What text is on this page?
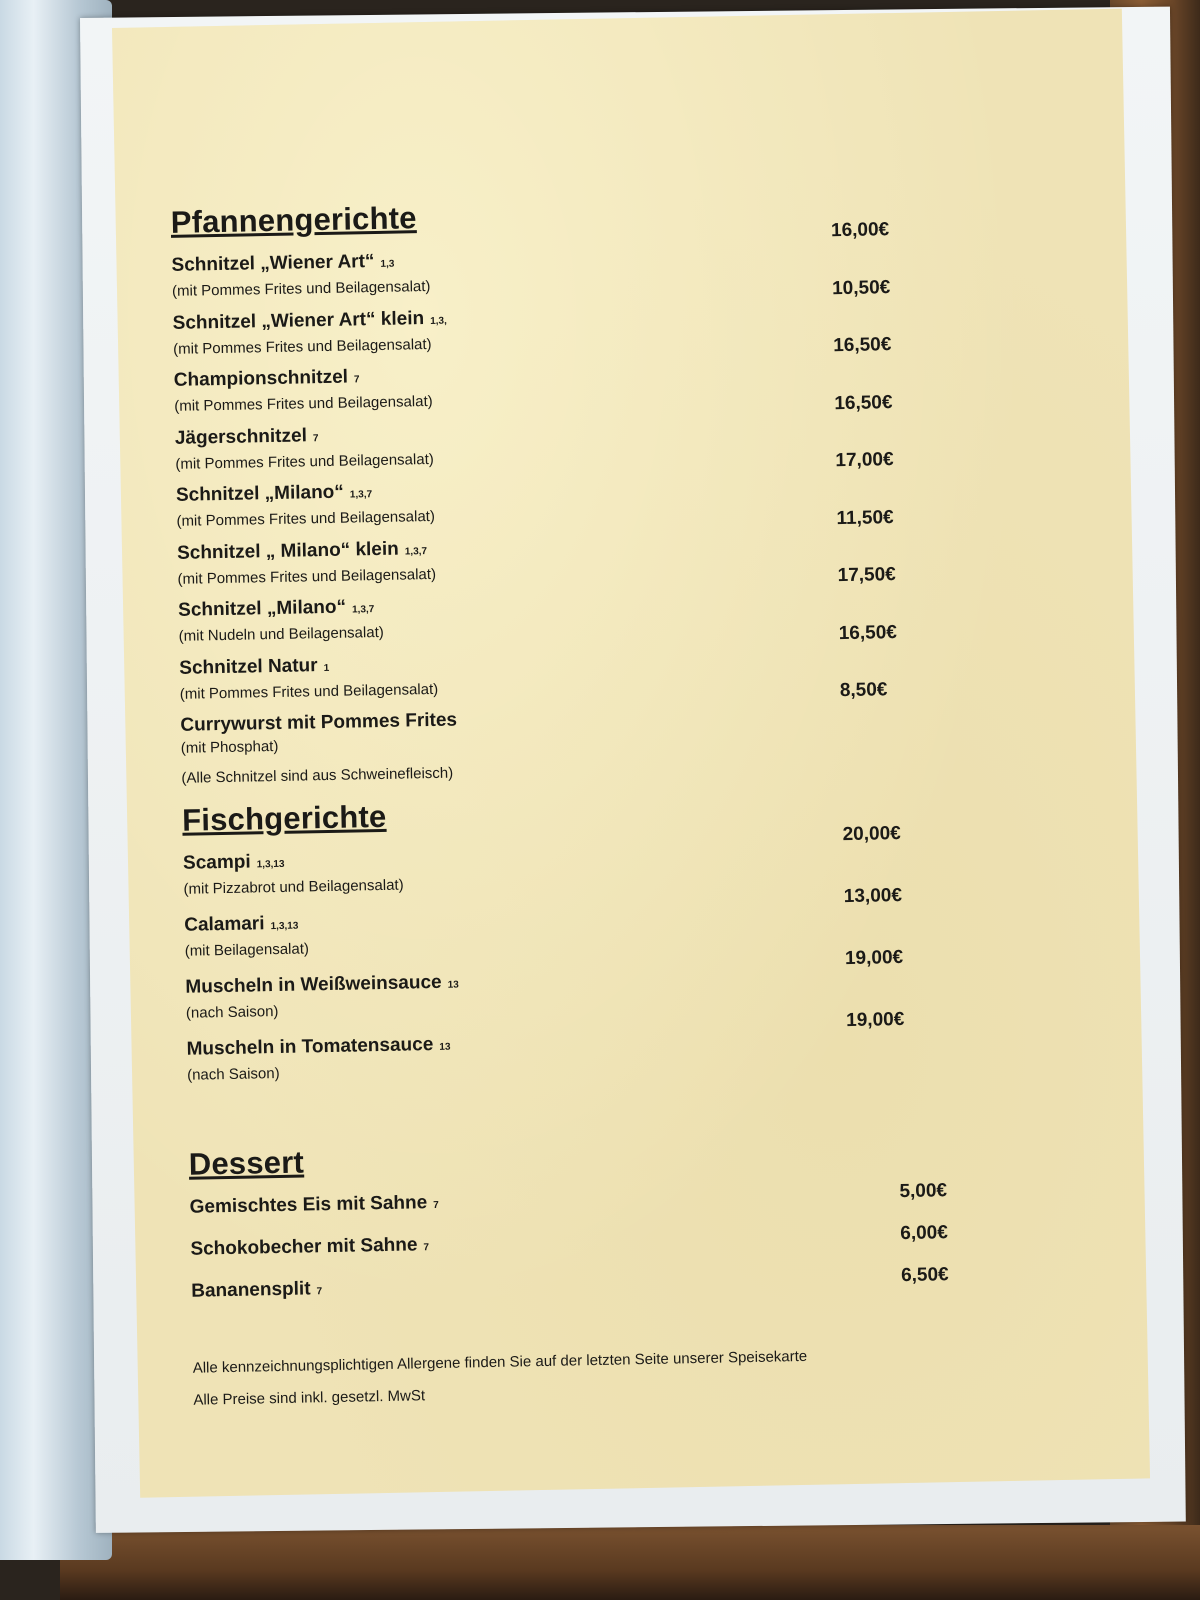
Pfannengerichte
Schnitzel „Wiener Art“ 1,3
(mit Pommes Frites und Beilagensalat)
16,00€
Schnitzel „Wiener Art“ klein 1,3,
(mit Pommes Frites und Beilagensalat)
10,50€
Championschnitzel 7
(mit Pommes Frites und Beilagensalat)
16,50€
Jägerschnitzel 7
(mit Pommes Frites und Beilagensalat)
16,50€
Schnitzel „Milano“ 1,3,7
(mit Pommes Frites und Beilagensalat)
17,00€
Schnitzel „ Milano“ klein 1,3,7
(mit Pommes Frites und Beilagensalat)
11,50€
Schnitzel „Milano“ 1,3,7
(mit Nudeln und Beilagensalat)
17,50€
Schnitzel Natur 1
(mit Pommes Frites und Beilagensalat)
16,50€
Currywurst mit Pommes Frites
(mit Phosphat)
8,50€
(Alle Schnitzel sind aus Schweinefleisch)
Fischgerichte
Scampi 1,3,13
(mit Pizzabrot und Beilagensalat)
20,00€
Calamari 1,3,13
(mit Beilagensalat)
13,00€
Muscheln in Weißweinsauce 13
(nach Saison)
19,00€
Muscheln in Tomatensauce 13
(nach Saison)
19,00€
Dessert
Gemischtes Eis mit Sahne 7
5,00€
Schokobecher mit Sahne 7
6,00€
Bananensplit 7
6,50€

Alle kennzeichnungsplichtigen Allergene finden Sie auf der letzten Seite unserer Speisekarte

Alle Preise sind inkl. gesetzl. MwSt
